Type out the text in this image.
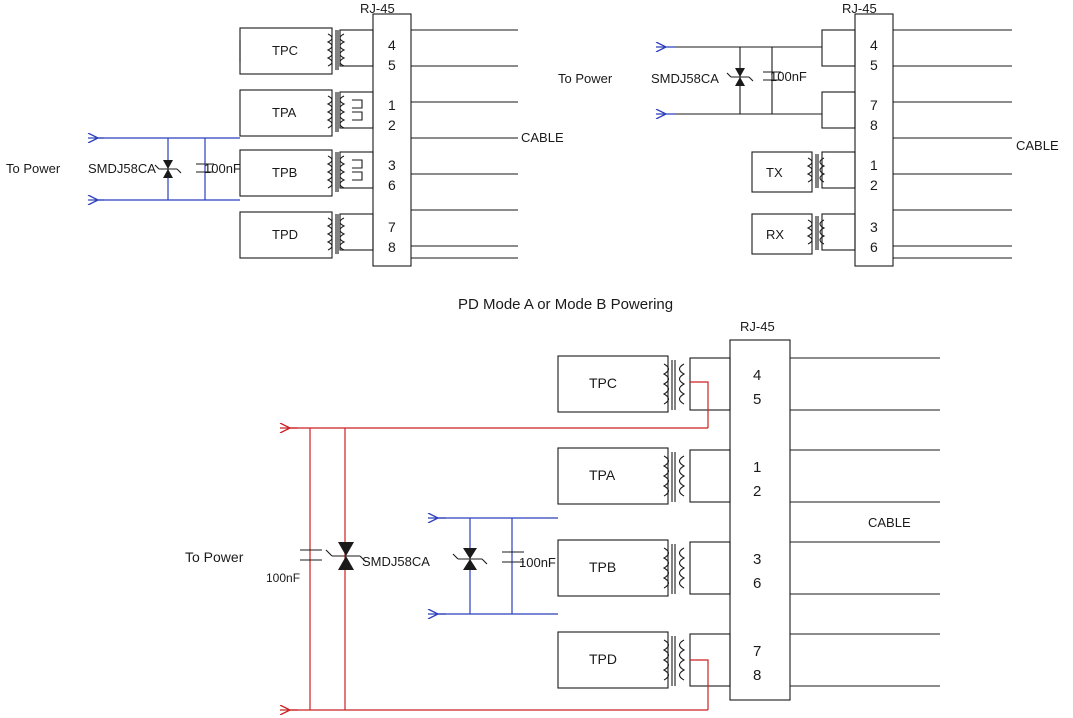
RJ-45
4
5
1
2
3
6
7
8
TPC
TPA
TPB
TPD
CABLE
To Power SMDJ58CA	100nF
RJ-45
4
5
7
8
1
2
3
6
TX
RX
CABLE
To Power	SMDJ58CA	100nF
PD Mode A or Mode B Powering
RJ-45
4
5
1
2
3
6
7
8
TPC
TPA
TPB
TPD
CABLE
To Power
100nF
SMDJ58CA	100nF
